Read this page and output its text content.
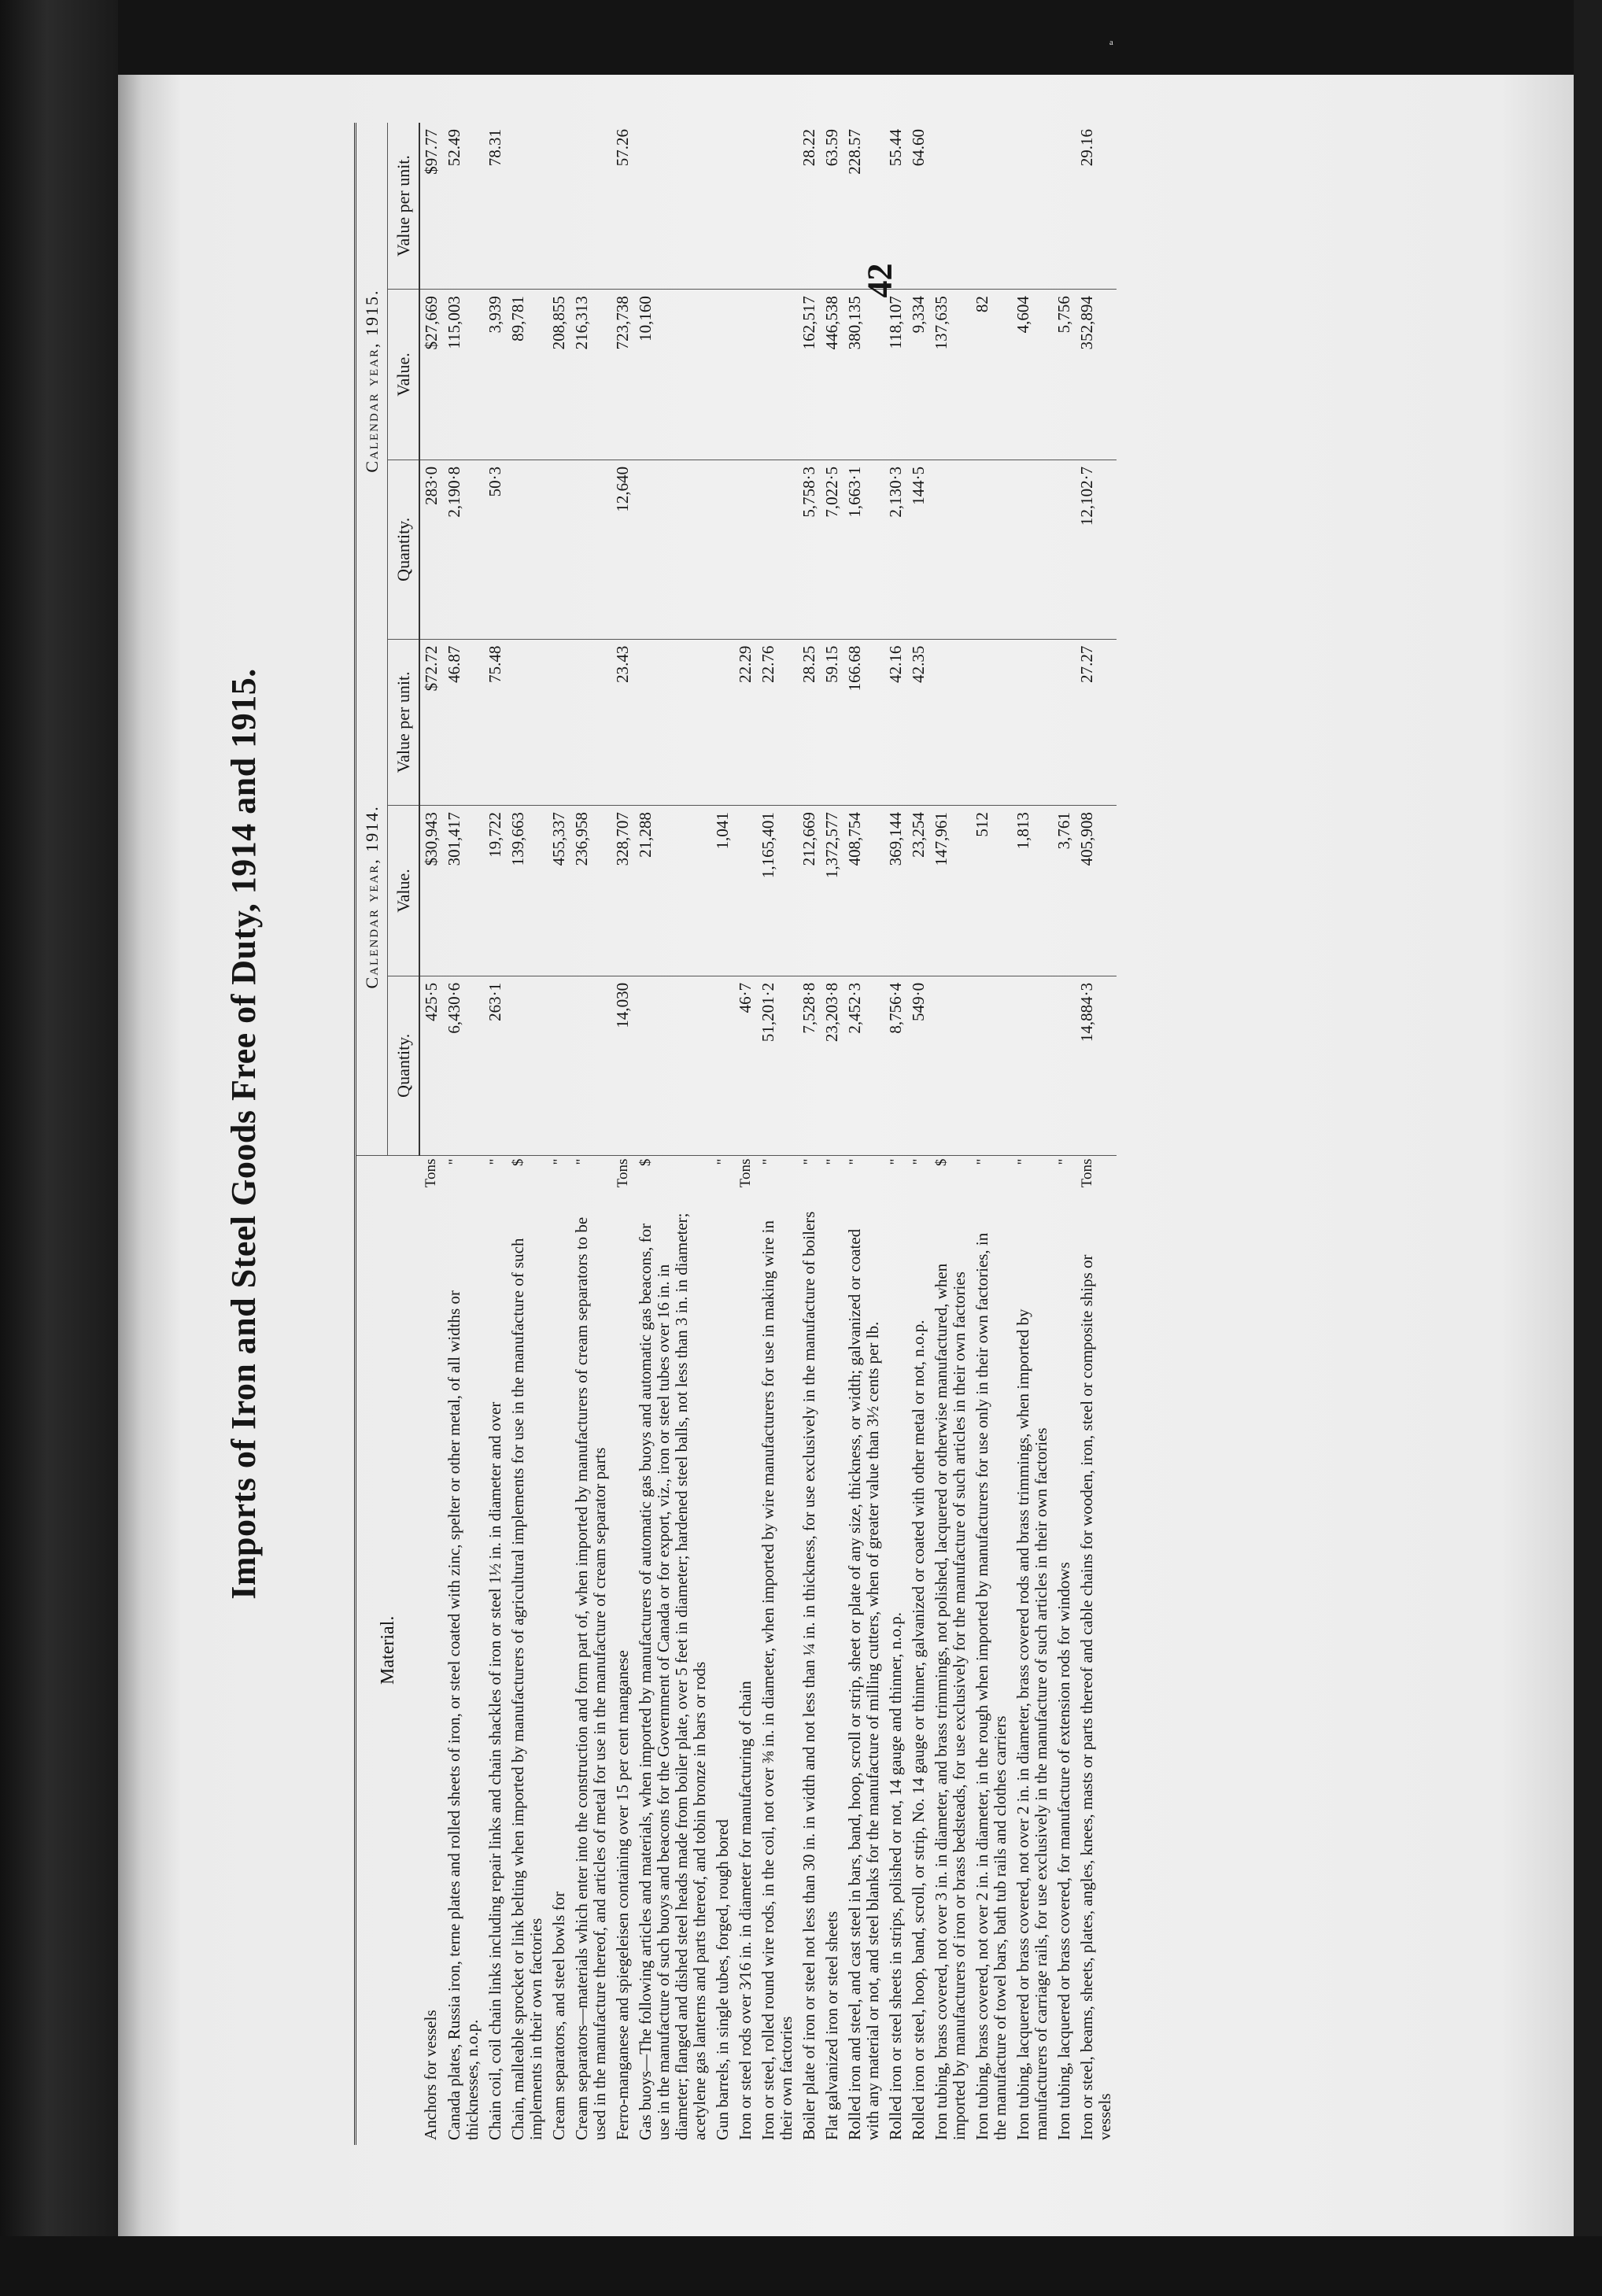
ᵃ
Imports of Iron and Steel Goods Free of Duty, 1914 and 1915.
Material.		Calendar year, 1914.			Calendar year, 1915.		
		Quantity.	Value.	Value per unit.	Quantity.	Value.	Value per unit.
Anchors for vessels	Tons	425·5	$30,943	$72.72	283·0	$27,669	$97.77
Canada plates, Russia iron, terne plates and rolled sheets of iron, or steel coated with zinc, spelter or other metal, of all widths or thicknesses, n.o.p.	"	6,430·6	301,417	46.87	2,190·8	115,003	52.49
Chain coil, coil chain links including repair links and chain shackles of iron or steel 1½ in. in diameter and over	"	263·1	19,722	75.48	50·3	3,939	78.31
Chain, malleable sprocket or link belting when imported by manufacturers of agricultural implements for use in the manufacture of such implements in their own factories	$		139,663			89,781	
Cream separators, and steel bowls for	"		455,337			208,855	
Cream separators—materials which enter into the construction and form part of, when imported by manufacturers of cream separators to be used in the manufacture thereof, and articles of metal for use in the manufacture of cream separator parts	"		236,958			216,313	
Ferro-manganese and spiegeleisen containing over 15 per cent manganese	Tons	14,030	328,707	23.43	12,640	723,738	57.26
Gas buoys—The following articles and materials, when imported by manufacturers of automatic gas buoys and automatic gas beacons, for use in the manufacture of such buoys and beacons for the Government of Canada or for export, viz., iron or steel tubes over 16 in. in diameter; flanged and dished steel heads made from boiler plate, over 5 feet in diameter; hardened steel balls, not less than 3 in. in diameter; acetylene gas lanterns and parts thereof, and tobin bronze in bars or rods	$		21,288			10,160	
Gun barrels, in single tubes, forged, rough bored	"		1,041				
Iron or steel rods over 3⁄16 in. in diameter for manufacturing of chain	Tons	46·7		22.29			
Iron or steel, rolled round wire rods, in the coil, not over ⅜ in. in diameter, when imported by wire manufacturers for use in making wire in their own factories	"	51,201·2	1,165,401	22.76			
Boiler plate of iron or steel not less than 30 in. in width and not less than ¼ in. in thickness, for use exclusively in the manufacture of boilers	"	7,528·8	212,669	28.25	5,758·3	162,517	28.22
Flat galvanized iron or steel sheets	"	23,203·8	1,372,577	59.15	7,022·5	446,538	63.59
Rolled iron and steel, and cast steel in bars, band, hoop, scroll or strip, sheet or plate of any size, thickness, or width; galvanized or coated with any material or not, and steel blanks for the manufacture of milling cutters, when of greater value than 3½ cents per lb.	"	2,452·3	408,754	166.68	1,663·1	380,135	228.57
Rolled iron or steel sheets in strips, polished or not, 14 gauge and thinner, n.o.p.	"	8,756·4	369,144	42.16	2,130·3	118,107	55.44
Rolled iron or steel, hoop, band, scroll, or strip, No. 14 gauge or thinner, galvanized or coated with other metal or not, n.o.p.	"	549·0	23,254	42.35	144·5	9,334	64.60
Iron tubing, brass covered, not over 3 in. in diameter, and brass trimmings, not polished, lacquered or otherwise manufactured, when imported by manufacturers of iron or brass bedsteads, for use exclusively for the manufacture of such articles in their own factories	$		147,961			137,635	
Iron tubing, brass covered, not over 2 in. in diameter, in the rough when imported by manufacturers for use only in their own factories, in the manufacture of towel bars, bath tub rails and clothes carriers	"		512			82	
Iron tubing, lacquered or brass covered, not over 2 in. in diameter, brass covered rods and brass trimmings, when imported by manufacturers of carriage rails, for use exclusively in the manufacture of such articles in their own factories	"		1,813			4,604	
Iron tubing, lacquered or brass covered, for manufacture of extension rods for windows	"		3,761			5,756	
Iron or steel, beams, sheets, plates, angles, knees, masts or parts thereof and cable chains for wooden, iron, steel or composite ships or vessels	Tons	14,884·3	405,908	27.27	12,102·7	352,894	29.16
42
